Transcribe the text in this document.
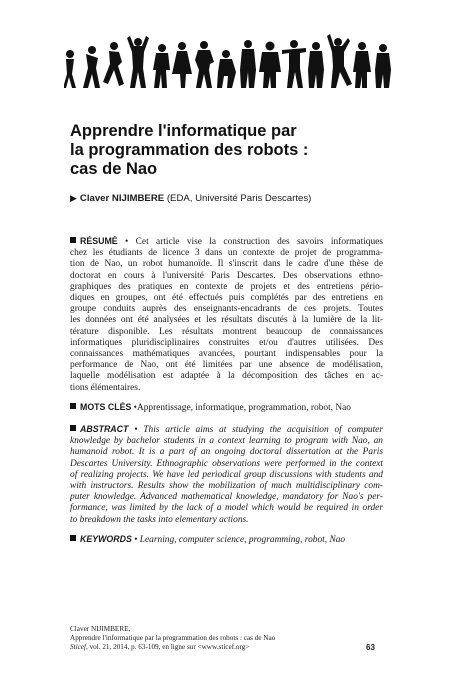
Apprendre l'informatique par
la programmation des robots :
cas de Nao
▶ Claver NIJIMBERE (EDA, Université Paris Descartes)
RÉSUMÉ • Cet article vise la construction des savoirs informatiques
chez les étudiants de licence 3 dans un contexte de projet de programma-
tion de Nao, un robot humanoïde. Il s'inscrit dans le cadre d'une thèse de
doctorat en cours à l'université Paris Descartes. Des observations ethno-
graphiques des pratiques en contexte de projets et des entretiens pério-
diques en groupes, ont été effectués puis complétés par des entretiens en
groupe conduits auprès des enseignants-encadrants de ces projets. Toutes
les données ont été analysées et les résultats discutés à la lumière de la lit-
térature disponible. Les résultats montrent beaucoup de connaissances
informatiques pluridisciplinaires construites et/ou d'autres utilisées. Des
connaissances mathématiques avancées, pourtant indispensables pour la
performance de Nao, ont été limitées par une absence de modélisation,
laquelle modélisation est adaptée à la décomposition des tâches en ac-
tions élémentaires.
MOTS CLÉS •Apprentissage, informatique, programmation, robot, Nao
ABSTRACT • This article aims at studying the acquisition of computer
knowledge by bachelor students in a context learning to program with Nao, an
humanoid robot. It is a part of an ongoing doctoral dissertation at the Paris
Descartes University. Ethnographic observations were performed in the context
of realizing projects. We have led periodical group discussions with students and
with instructors. Results show the mobilization of much multidisciplinary com-
puter knowledge. Advanced mathematical knowledge, mandatory for Nao's per-
formance, was limited by the lack of a model which would be required in order
to breakdown the tasks into elementary actions.
KEYWORDS • Learning, computer science, programming, robot, Nao
Claver NIJIMBERE,
Apprendre l'informatique par la programmation des robots : cas de Nao
Sticef, vol. 21, 2014, p. 63-109, en ligne sur <www.sticef.org>	63
